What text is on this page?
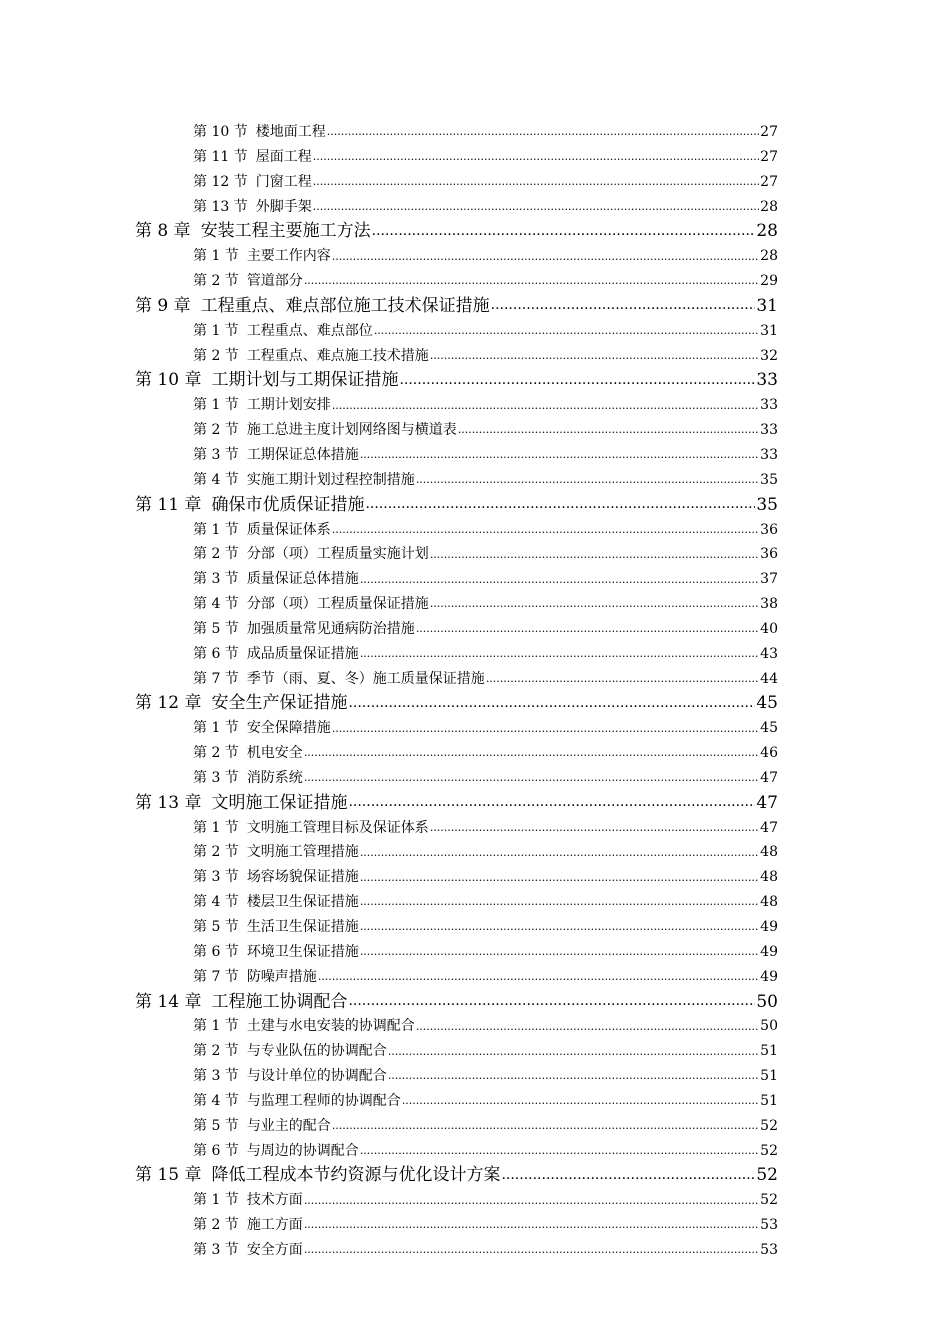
第 10 节 楼地面工程 .....	27
第 11 节 屋面工程 .....	27
第 12 节 门窗工程 .....	27
第 13 节 外脚手架 .....	28
第 8 章 安装工程主要施工方法 .....	28
第 1 节 主要工作内容 .....	28
第 2 节 管道部分 .....	29
第 9 章 工程重点、难点部位施工技术保证措施 .....	31
第 1 节 工程重点、难点部位 .....	31
第 2 节 工程重点、难点施工技术措施 .....	32
第 10 章 工期计划与工期保证措施 .....	33
第 1 节 工期计划安排 .....	33
第 2 节 施工总进主度计划网络图与横道表 .....	33
第 3 节 工期保证总体措施 .....	33
第 4 节 实施工期计划过程控制措施 .....	35
第 11 章 确保市优质保证措施 .....	35
第 1 节 质量保证体系 .....	36
第 2 节 分部（项）工程质量实施计划 .....	36
第 3 节 质量保证总体措施 .....	37
第 4 节 分部（项）工程质量保证措施 .....	38
第 5 节 加强质量常见通病防治措施 .....	40
第 6 节 成品质量保证措施 .....	43
第 7 节 季节（雨、夏、冬）施工质量保证措施 .....	44
第 12 章 安全生产保证措施 .....	45
第 1 节 安全保障措施 .....	45
第 2 节 机电安全 .....	46
第 3 节 消防系统 .....	47
第 13 章 文明施工保证措施 .....	47
第 1 节 文明施工管理目标及保证体系 .....	47
第 2 节 文明施工管理措施 .....	48
第 3 节 场容场貌保证措施 .....	48
第 4 节 楼层卫生保证措施 .....	48
第 5 节 生活卫生保证措施 .....	49
第 6 节 环境卫生保证措施 .....	49
第 7 节 防噪声措施 .....	49
第 14 章 工程施工协调配合 .....	50
第 1 节 土建与水电安装的协调配合 .....	50
第 2 节 与专业队伍的协调配合 .....	51
第 3 节 与设计单位的协调配合 .....	51
第 4 节 与监理工程师的协调配合 .....	51
第 5 节 与业主的配合 .....	52
第 6 节 与周边的协调配合 .....	52
第 15 章 降低工程成本节约资源与优化设计方案 .....	52
第 1 节 技术方面 .....	52
第 2 节 施工方面 .....	53
第 3 节 安全方面 .....	53
